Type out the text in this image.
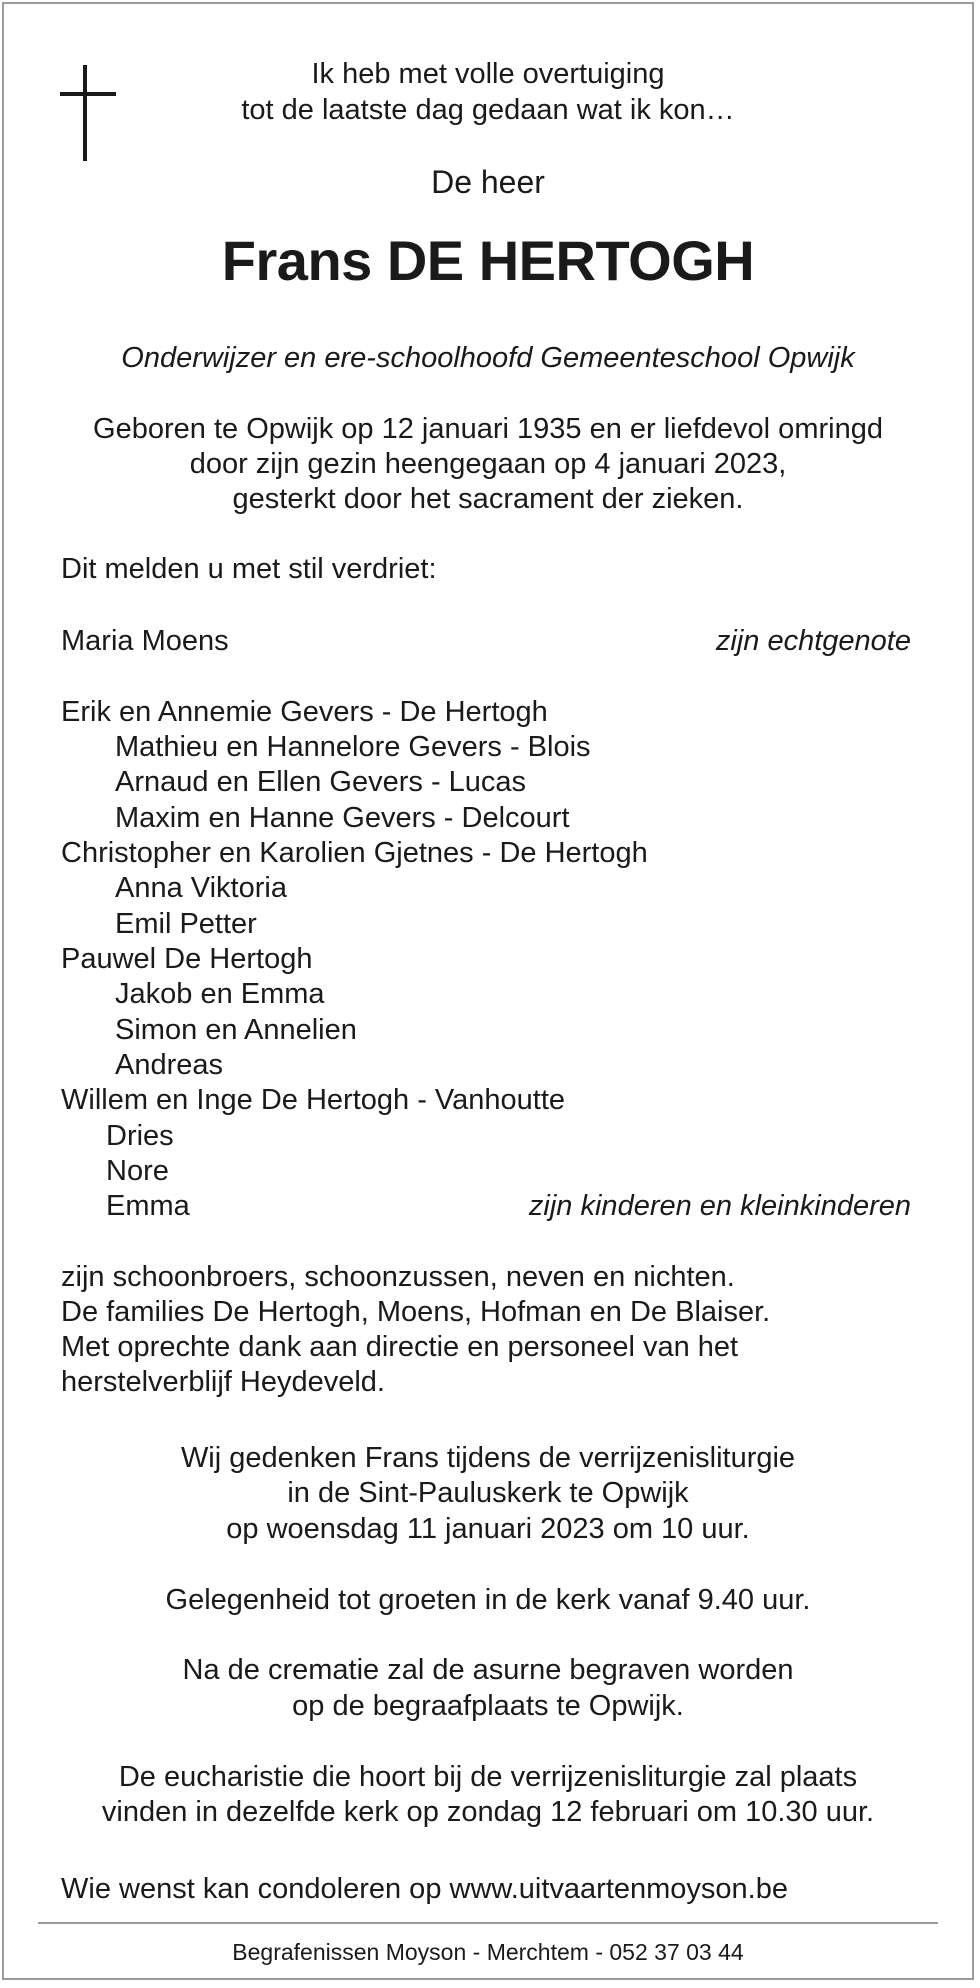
Ik heb met volle overtuiging
tot de laatste dag gedaan wat ik kon…
De heer
Frans DE HERTOGH
Onderwijzer en ere-schoolhoofd Gemeenteschool Opwijk
Geboren te Opwijk op 12 januari 1935 en er liefdevol omringd
door zijn gezin heengegaan op 4 januari 2023,
gesterkt door het sacrament der zieken.
Dit melden u met stil verdriet:
Maria Moens	zijn echtgenote
Erik en Annemie Gevers - De Hertogh
Mathieu en Hannelore Gevers - Blois
Arnaud en Ellen Gevers - Lucas
Maxim en Hanne Gevers - Delcourt
Christopher en Karolien Gjetnes - De Hertogh
Anna Viktoria
Emil Petter
Pauwel De Hertogh
Jakob en Emma
Simon en Annelien
Andreas
Willem en Inge De Hertogh - Vanhoutte
Dries
Nore
Emma	zijn kinderen en kleinkinderen
zijn schoonbroers, schoonzussen, neven en nichten.
De families De Hertogh, Moens, Hofman en De Blaiser.
Met oprechte dank aan directie en personeel van het
herstelverblijf Heydeveld.
Wij gedenken Frans tijdens de verrijzenisliturgie
in de Sint-Pauluskerk te Opwijk
op woensdag 11 januari 2023 om 10 uur.
Gelegenheid tot groeten in de kerk vanaf 9.40 uur.
Na de crematie zal de asurne begraven worden
op de begraafplaats te Opwijk.
De eucharistie die hoort bij de verrijzenisliturgie zal plaats
vinden in dezelfde kerk op zondag 12 februari om 10.30 uur.
Wie wenst kan condoleren op www.uitvaartenmoyson.be
Begrafenissen Moyson - Merchtem - 052 37 03 44
